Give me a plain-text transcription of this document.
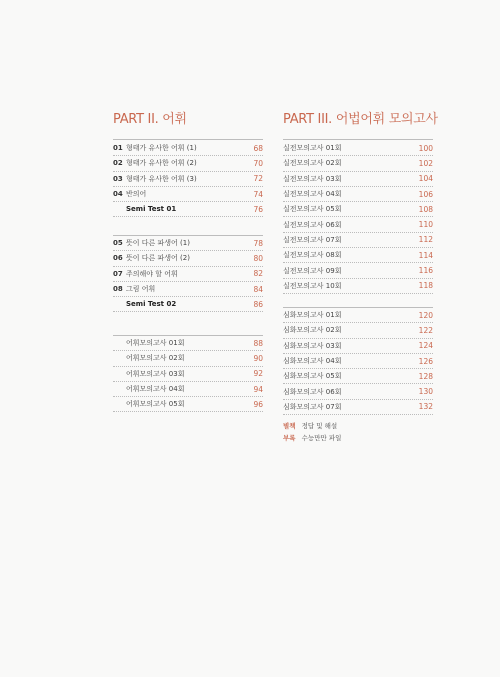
PART II. 어휘
01 형태가 유사한 어휘 (1)	68
02 형태가 유사한 어휘 (2)	70
03 형태가 유사한 어휘 (3)	72
04 반의어	74
Semi Test 01	76
05 뜻이 다른 파생어 (1)	78
06 뜻이 다른 파생어 (2)	80
07 주의해야 할 어휘	82
08 그림 어휘	84
Semi Test 02	86
어휘모의고사 01회	88
어휘모의고사 02회	90
어휘모의고사 03회	92
어휘모의고사 04회	94
어휘모의고사 05회	96
PART III. 어법어휘 모의고사
실전모의고사 01회	100
실전모의고사 02회	102
실전모의고사 03회	104
실전모의고사 04회	106
실전모의고사 05회	108
실전모의고사 06회	110
실전모의고사 07회	112
실전모의고사 08회	114
실전모의고사 09회	116
실전모의고사 10회	118
심화모의고사 01회	120
심화모의고사 02회	122
심화모의고사 03회	124
심화모의고사 04회	126
심화모의고사 05회	128
심화모의고사 06회	130
심화모의고사 07회	132
별책 정답 및 해설
부록 수능만만 파일
